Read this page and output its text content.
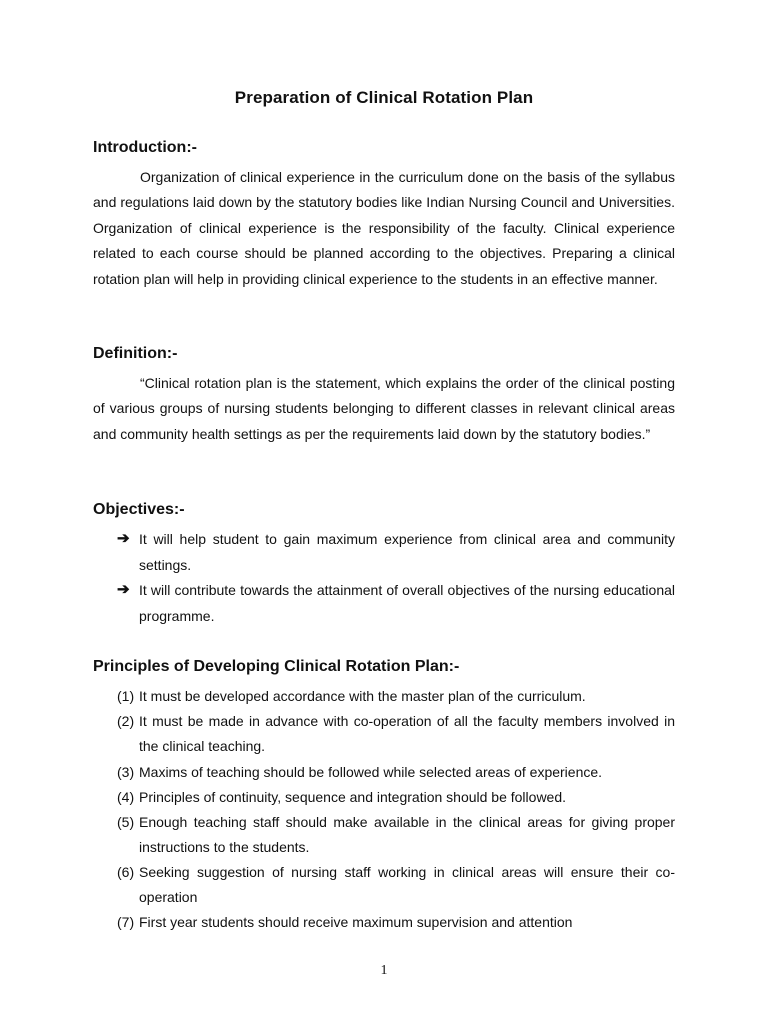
Preparation of Clinical Rotation Plan
Introduction:-

Organization of clinical experience in the curriculum done on the basis of the syllabus and regulations laid down by the statutory bodies like Indian Nursing Council and Universities. Organization of clinical experience is the responsibility of the faculty. Clinical experience related to each course should be planned according to the objectives. Preparing a clinical rotation plan will help in providing clinical experience to the students in an effective manner.

Definition:-

“Clinical rotation plan is the statement, which explains the order of the clinical posting of various groups of nursing students belonging to different classes in relevant clinical areas and community health settings as per the requirements laid down by the statutory bodies.”

Objectives:-
➔ It will help student to gain maximum experience from clinical area and community settings.
➔ It will contribute towards the attainment of overall objectives of the nursing educational programme.
Principles of Developing Clinical Rotation Plan:-
(1) It must be developed accordance with the master plan of the curriculum.
(2) It must be made in advance with co-operation of all the faculty members involved in the clinical teaching.
(3) Maxims of teaching should be followed while selected areas of experience.
(4) Principles of continuity, sequence and integration should be followed.
(5) Enough teaching staff should make available in the clinical areas for giving proper instructions to the students.
(6) Seeking suggestion of nursing staff working in clinical areas will ensure their co-operation
(7) First year students should receive maximum supervision and attention
1
